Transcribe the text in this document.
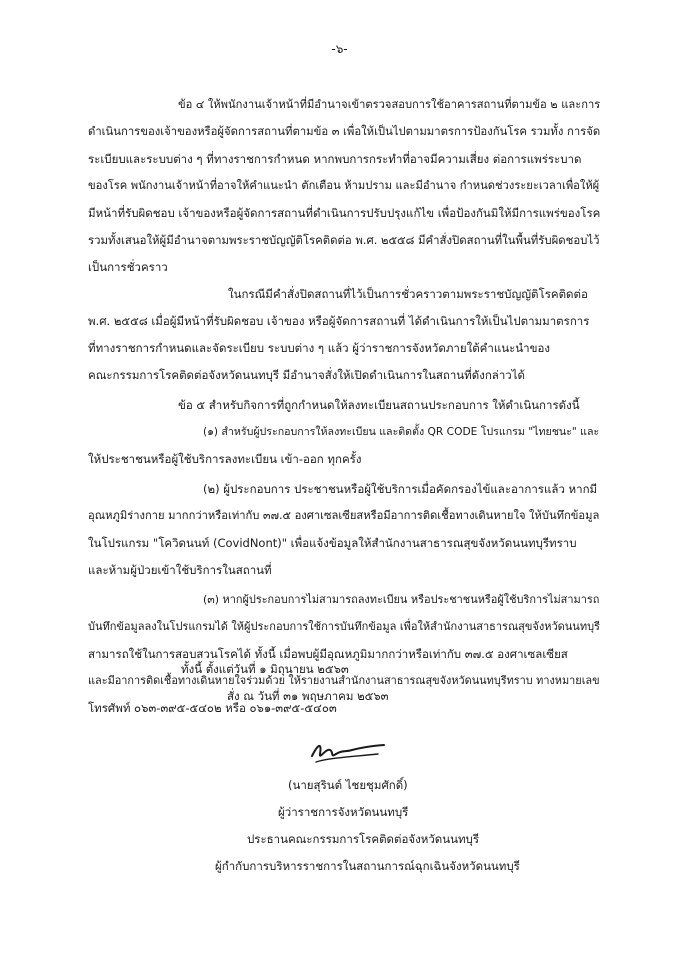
-๖-
ข้อ ๔ ให้พนักงานเจ้าหน้าที่มีอำนาจเข้าตรวจสอบการใช้อาคารสถานที่ตามข้อ ๒ และการ
ดำเนินการของเจ้าของหรือผู้จัดการสถานที่ตามข้อ ๓ เพื่อให้เป็นไปตามมาตรการป้องกันโรค รวมทั้ง การจัด
ระเบียบและระบบต่าง ๆ ที่ทางราชการกำหนด หากพบการกระทำที่อาจมีความเสี่ยง ต่อการแพร่ระบาด
ของโรค พนักงานเจ้าหน้าที่อาจให้คำแนะนำ ตักเตือน ห้ามปราม และมีอำนาจ กำหนดช่วงระยะเวลาเพื่อให้ผู้
มีหน้าที่รับผิดชอบ เจ้าของหรือผู้จัดการสถานที่ดำเนินการปรับปรุงแก้ไข เพื่อป้องกันมิให้มีการแพร่ของโรค
รวมทั้งเสนอให้ผู้มีอำนาจตามพระราชบัญญัติโรคติดต่อ พ.ศ. ๒๕๕๘ มีคำสั่งปิดสถานที่ในพื้นที่รับผิดชอบไว้
เป็นการชั่วคราว
ในกรณีมีคำสั่งปิดสถานที่ไว้เป็นการชั่วคราวตามพระราชบัญญัติโรคติดต่อ
พ.ศ. ๒๕๕๘ เมื่อผู้มีหน้าที่รับผิดชอบ เจ้าของ หรือผู้จัดการสถานที่ ได้ดำเนินการให้เป็นไปตามมาตรการ
ที่ทางราชการกำหนดและจัดระเบียบ ระบบต่าง ๆ แล้ว ผู้ว่าราชการจังหวัดภายใต้คำแนะนำของ
คณะกรรมการโรคติดต่อจังหวัดนนทบุรี มีอำนาจสั่งให้เปิดดำเนินการในสถานที่ดังกล่าวได้
ข้อ ๕ สำหรับกิจการที่ถูกกำหนดให้ลงทะเบียนสถานประกอบการ ให้ดำเนินการดังนี้
(๑) สำหรับผู้ประกอบการให้ลงทะเบียน และติดตั้ง QR CODE โปรแกรม "ไทยชนะ" และ
ให้ประชาชนหรือผู้ใช้บริการลงทะเบียน เข้า-ออก ทุกครั้ง
(๒) ผู้ประกอบการ ประชาชนหรือผู้ใช้บริการเมื่อคัดกรองไข้และอาการแล้ว หากมี
อุณหภูมิร่างกาย มากกว่าหรือเท่ากับ ๓๗.๕ องศาเซลเซียสหรือมีอาการติดเชื้อทางเดินหายใจ ให้บันทึกข้อมูล
ในโปรแกรม "โควิดนนท์ (CovidNont)" เพื่อแจ้งข้อมูลให้สำนักงานสาธารณสุขจังหวัดนนทบุรีทราบ
และห้ามผู้ป่วยเข้าใช้บริการในสถานที่
(๓) หากผู้ประกอบการไม่สามารถลงทะเบียน หรือประชาชนหรือผู้ใช้บริการไม่สามารถ
บันทึกข้อมูลลงในโปรแกรมได้ ให้ผู้ประกอบการใช้การบันทึกข้อมูล เพื่อให้สำนักงานสาธารณสุขจังหวัดนนทบุรี
สามารถใช้ในการสอบสวนโรคได้ ทั้งนี้ เมื่อพบผู้มีอุณหภูมิมากกว่าหรือเท่ากับ ๓๗.๕ องศาเซลเซียส
และมีอาการติดเชื้อทางเดินหายใจร่วมด้วย ให้รายงานสำนักงานสาธารณสุขจังหวัดนนทบุรีทราบ ทางหมายเลข
โทรศัพท์ ๐๖๓-๓๙๕-๕๔๐๒ หรือ ๐๖๑-๓๙๕-๕๔๐๓
ทั้งนี้ ตั้งแต่วันที่ ๑ มิถุนายน ๒๕๖๓
สั่ง ณ วันที่ ๓๑ พฤษภาคม ๒๕๖๓
(นายสุรินต์ ไชยชุมศักดิ์)
ผู้ว่าราชการจังหวัดนนทบุรี
ประธานคณะกรรมการโรคติดต่อจังหวัดนนทบุรี
ผู้กำกับการบริหารราชการในสถานการณ์ฉุกเฉินจังหวัดนนทบุรี
